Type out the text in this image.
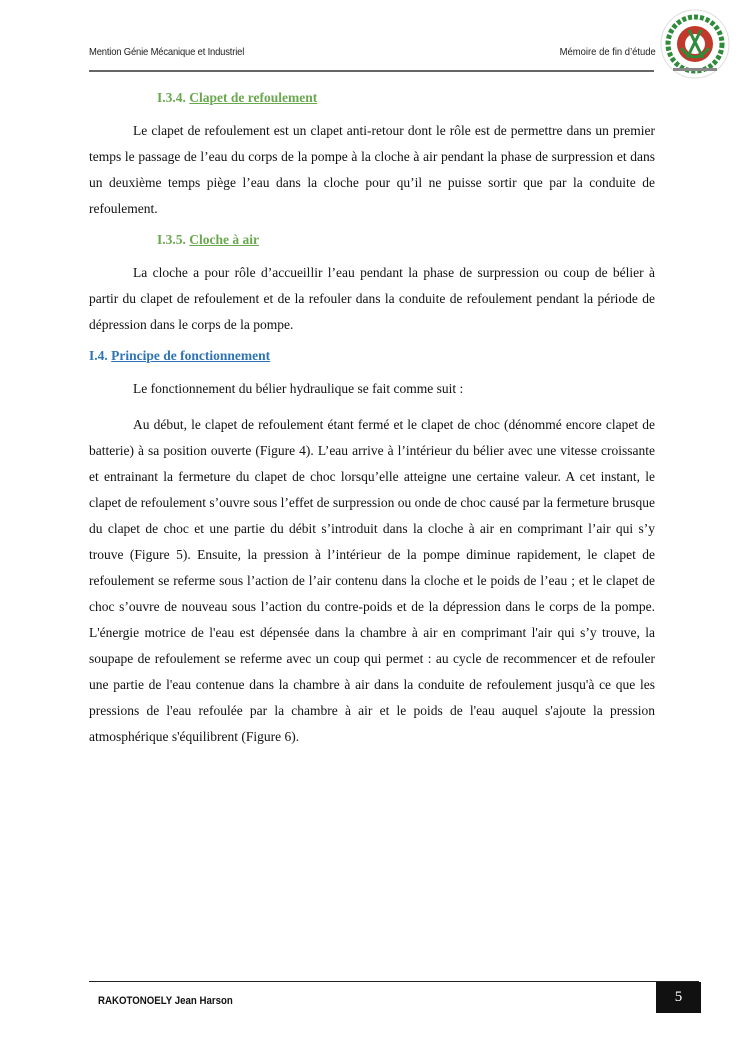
Mention Génie Mécanique et Industriel	Mémoire de fin d’étude
I.3.4. Clapet de refoulement

Le clapet de refoulement est un clapet anti-retour dont le rôle est de permettre dans un premier temps le passage de l’eau du corps de la pompe à la cloche à air pendant la phase de surpression et dans un deuxième temps piège l’eau dans la cloche pour qu’il ne puisse sortir que par la conduite de refoulement.

I.3.5. Cloche à air

La cloche a pour rôle d’accueillir l’eau pendant la phase de surpression ou coup de bélier à partir du clapet de refoulement et de la refouler dans la conduite de refoulement pendant la période de dépression dans le corps de la pompe.

I.4. Principe de fonctionnement

Le fonctionnement du bélier hydraulique se fait comme suit :

Au début, le clapet de refoulement étant fermé et le clapet de choc (dénommé encore clapet de batterie) à sa position ouverte (Figure 4). L’eau arrive à l’intérieur du bélier avec une vitesse croissante et entrainant la fermeture du clapet de choc lorsqu’elle atteigne une certaine valeur. A cet instant, le clapet de refoulement s’ouvre sous l’effet de surpression ou onde de choc causé par la fermeture brusque du clapet de choc et une partie du débit s’introduit dans la cloche à air en comprimant l’air qui s’y trouve (Figure 5). Ensuite, la pression à l’intérieur de la pompe diminue rapidement, le clapet de refoulement se referme sous l’action de l’air contenu dans la cloche et le poids de l’eau ; et le clapet de choc s’ouvre de nouveau sous l’action du contre-poids et de la dépression dans le corps de la pompe. L'énergie motrice de l'eau est dépensée dans la chambre à air en comprimant l'air qui s’y trouve, la soupape de refoulement se referme avec un coup qui permet : au cycle de recommencer et de refouler une partie de l'eau contenue dans la chambre à air dans la conduite de refoulement jusqu'à ce que les pressions de l'eau refoulée par la chambre à air et le poids de l'eau auquel s'ajoute la pression atmosphérique s'équilibrent (Figure 6).

RAKOTONOELY Jean Harson	5
